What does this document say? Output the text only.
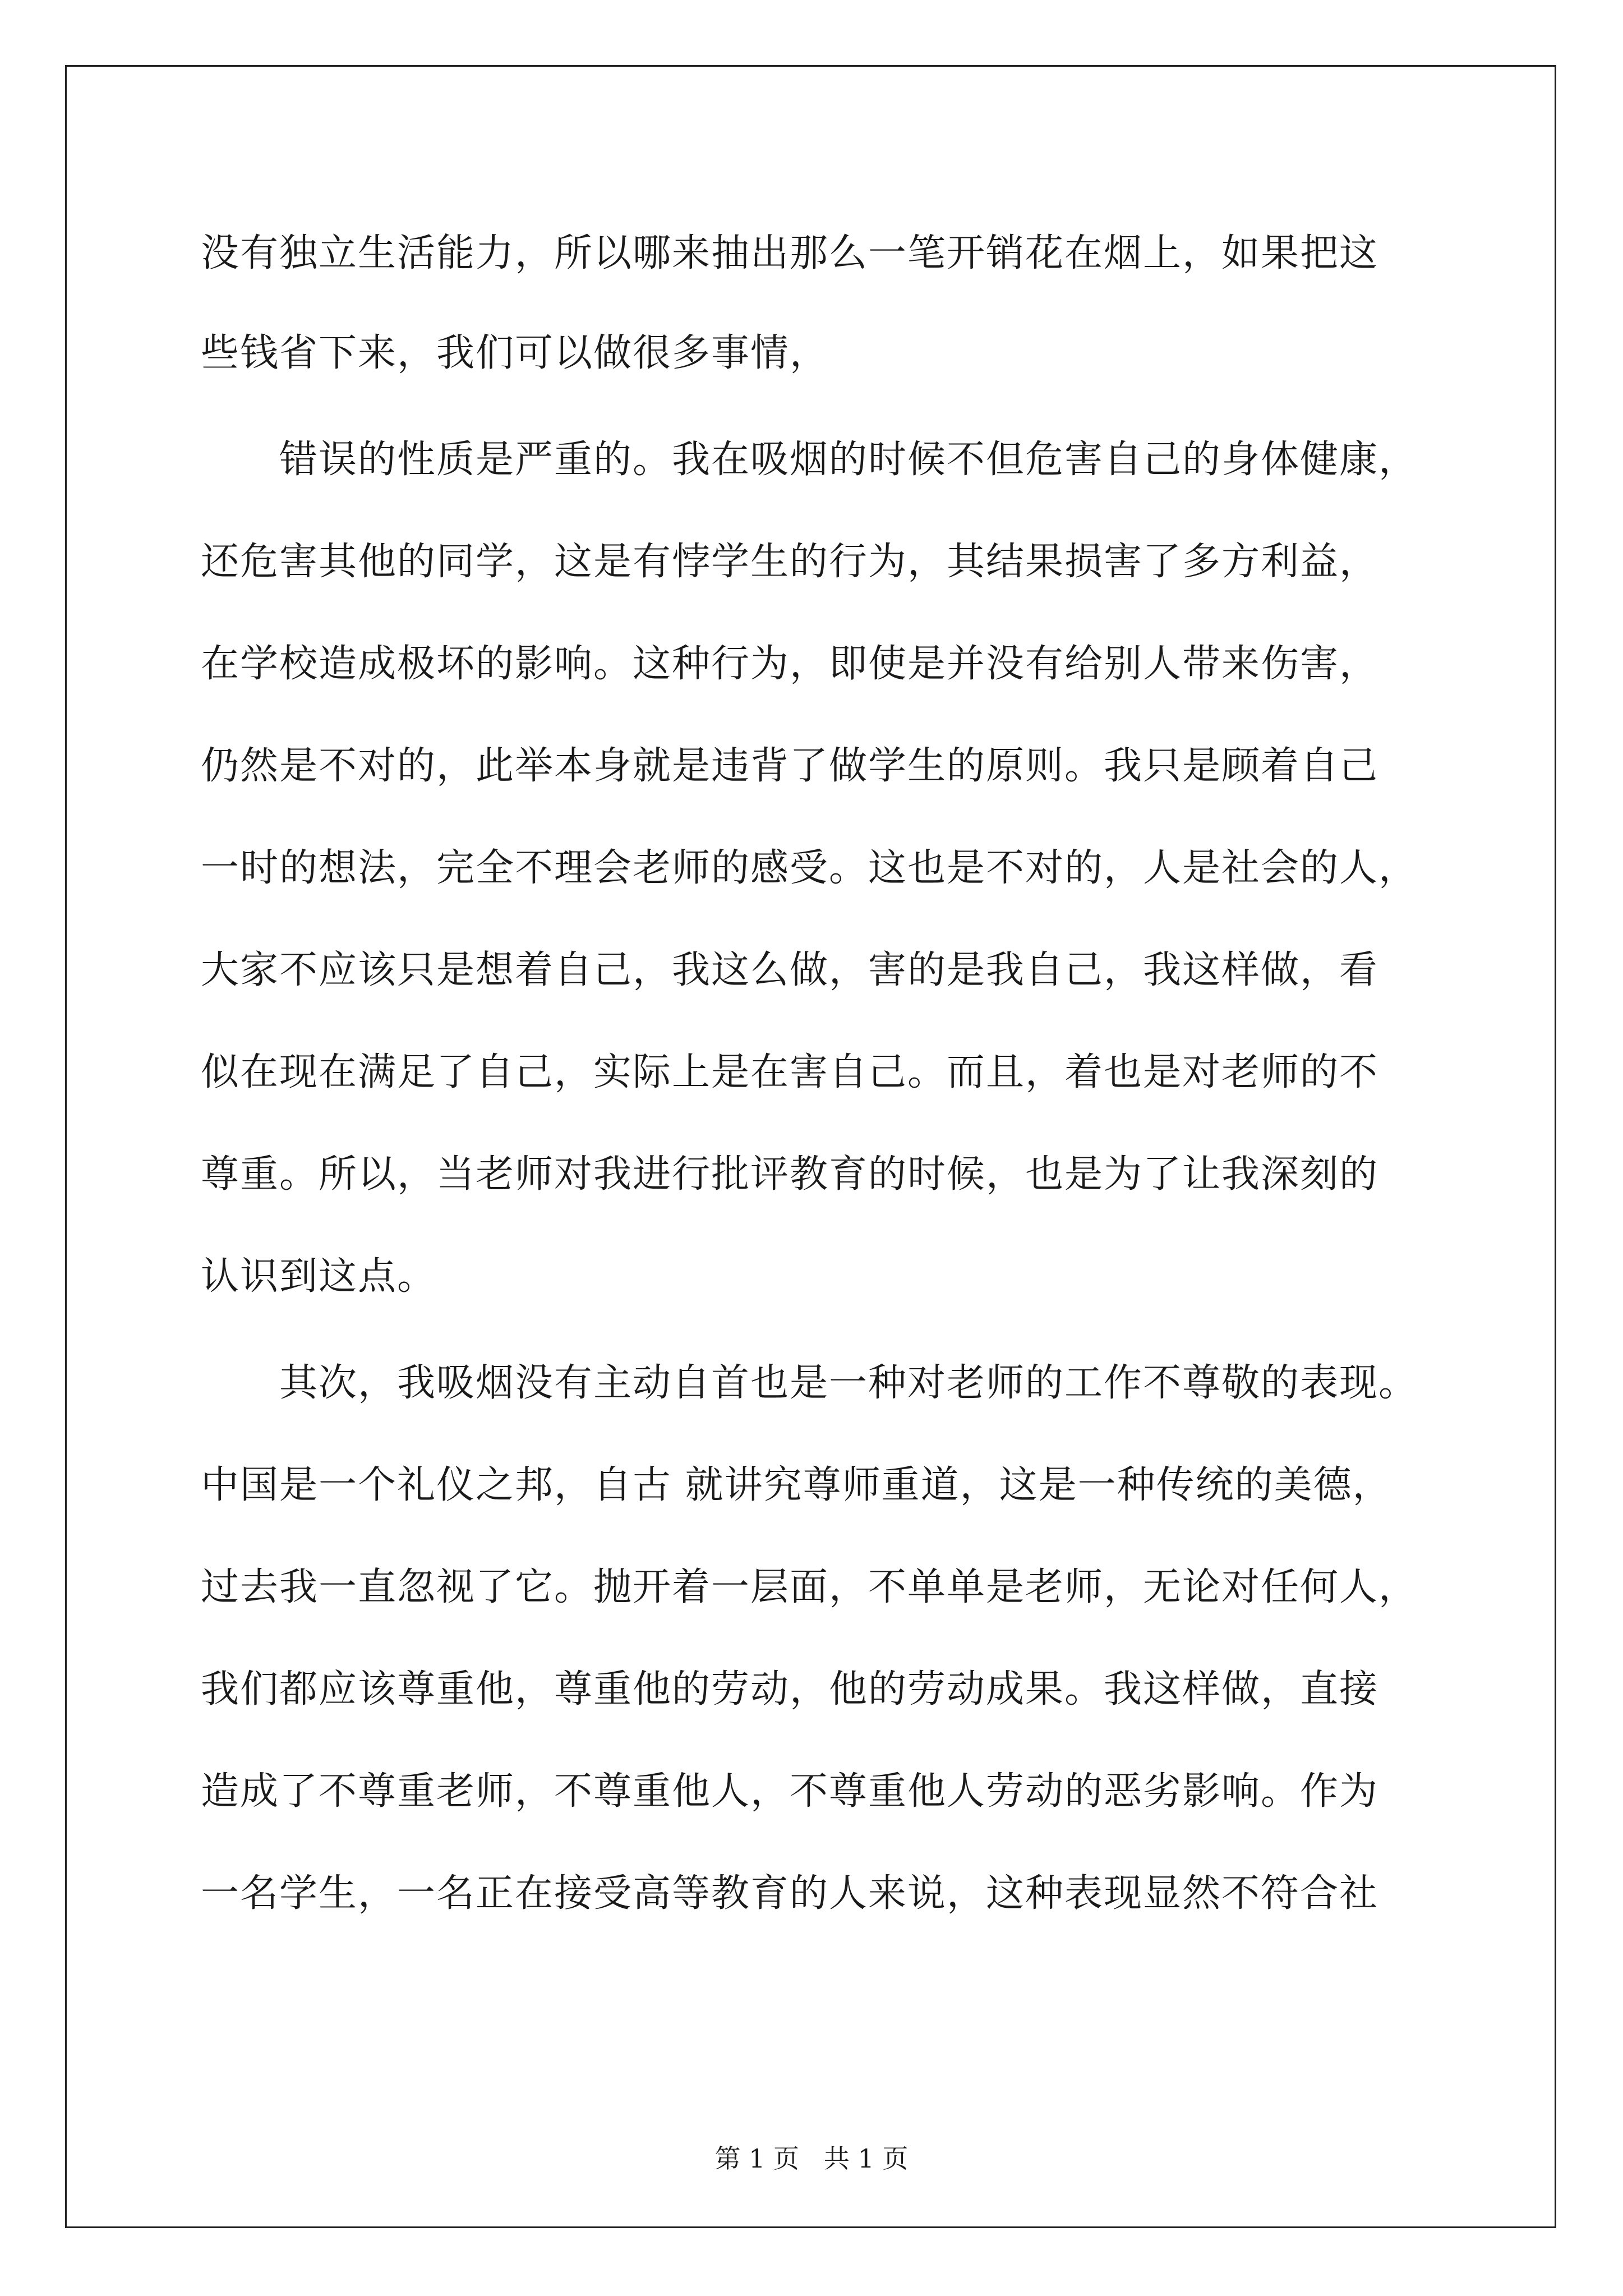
没有独立生活能力，所以哪来抽出那么一笔开销花在烟上，如果把这
些钱省下来，我们可以做很多事情，
　　错误的性质是严重的。我在吸烟的时候不但危害自己的身体健康，
还危害其他的同学，这是有悖学生的行为，其结果损害了多方利益，
在学校造成极坏的影响。这种行为，即使是并没有给别人带来伤害，
仍然是不对的，此举本身就是违背了做学生的原则。我只是顾着自己
一时的想法，完全不理会老师的感受。这也是不对的，人是社会的人，
大家不应该只是想着自己，我这么做，害的是我自己，我这样做，看
似在现在满足了自己，实际上是在害自己。而且，着也是对老师的不
尊重。所以，当老师对我进行批评教育的时候，也是为了让我深刻的
认识到这点。
　　其次，我吸烟没有主动自首也是一种对老师的工作不尊敬的表现。
中国是一个礼仪之邦，自古 就讲究尊师重道，这是一种传统的美德，
过去我一直忽视了它。抛开着一层面，不单单是老师，无论对任何人，
我们都应该尊重他，尊重他的劳动，他的劳动成果。我这样做，直接
造成了不尊重老师，不尊重他人，不尊重他人劳动的恶劣影响。作为
一名学生，一名正在接受高等教育的人来说，这种表现显然不符合社
第 1 页   共 1 页
